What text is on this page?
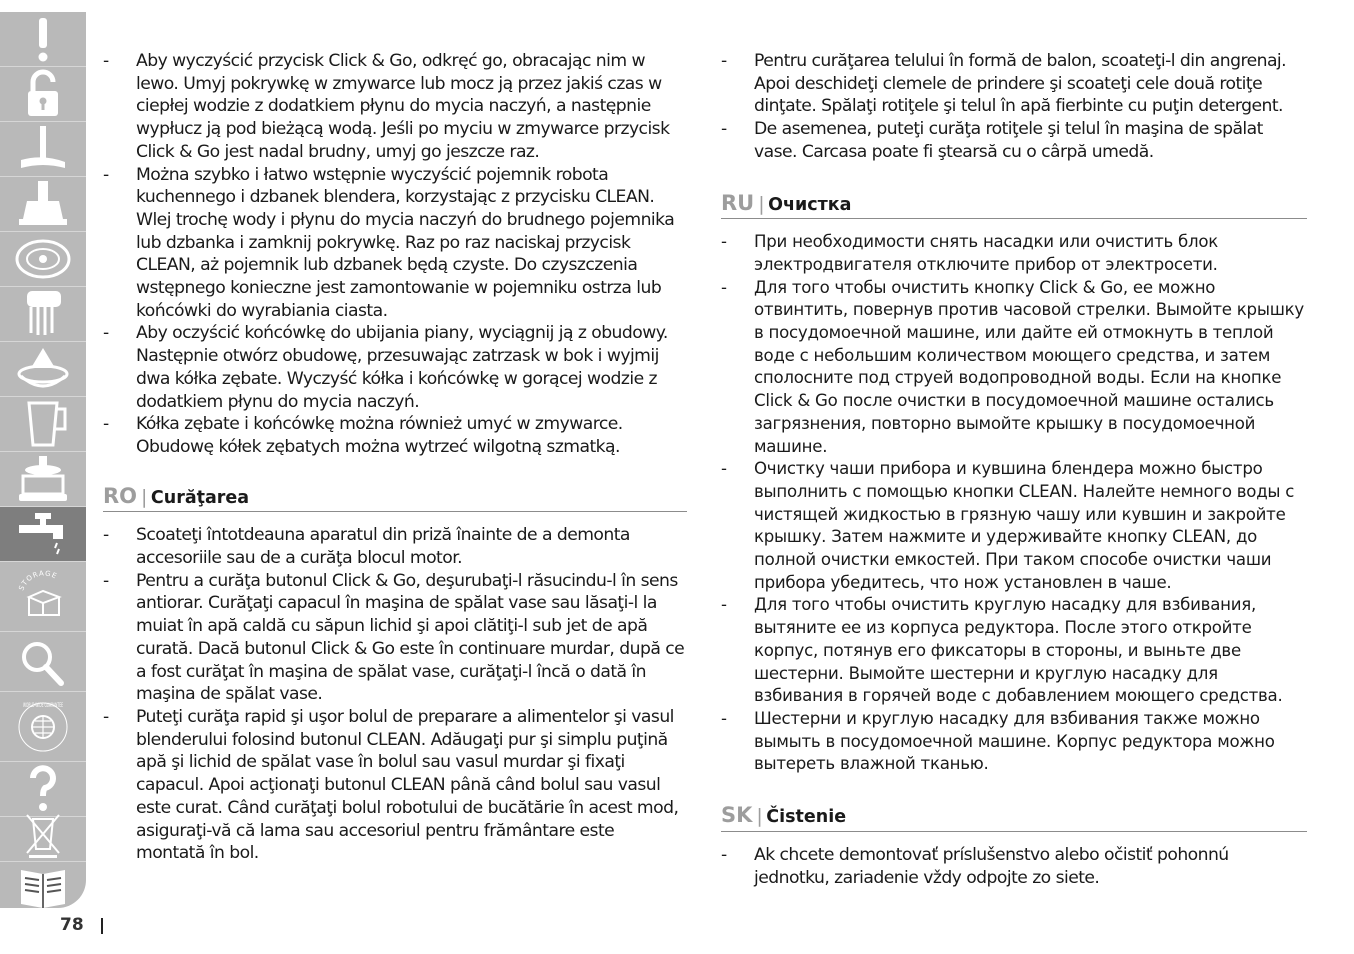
STORAGE
WORLD-WIDE GUARANTEE
78
- Aby wyczyścić przycisk Click & Go, odkręć go, obracając nim w lewo. Umyj pokrywkę w zmywarce lub mocz ją przez jakiś czas w ciepłej wodzie z dodatkiem płynu do mycia naczyń, a następnie wypłucz ją pod bieżącą wodą. Jeśli po myciu w zmywarce przycisk Click & Go jest nadal brudny, umyj go jeszcze raz.
- Można szybko i łatwo wstępnie wyczyścić pojemnik robota kuchennego i dzbanek blendera, korzystając z przycisku CLEAN. Wlej trochę wody i płynu do mycia naczyń do brudnego pojemnika lub dzbanka i zamknij pokrywkę. Raz po raz naciskaj przycisk CLEAN, aż pojemnik lub dzbanek będą czyste. Do czyszczenia wstępnego konieczne jest zamontowanie w pojemniku ostrza lub końcówki do wyrabiania ciasta.
- Aby oczyścić końcówkę do ubijania piany, wyciągnij ją z obudowy. Następnie otwórz obudowę, przesuwając zatrzask w bok i wyjmij dwa kółka zębate. Wyczyść kółka i końcówkę w gorącej wodzie z dodatkiem płynu do mycia naczyń.
- Kółka zębate i końcówkę można również umyć w zmywarce. Obudowę kółek zębatych można wytrzeć wilgotną szmatką.
RO | Curăţarea
- Scoateţi întotdeauna aparatul din priză înainte de a demonta accesoriile sau de a curăţa blocul motor.
- Pentru a curăţa butonul Click & Go, deşurubaţi-l răsucindu-l în sens antiorar. Curăţaţi capacul în maşina de spălat vase sau lăsaţi-l la muiat în apă caldă cu săpun lichid şi apoi clătiţi-l sub jet de apă curată. Dacă butonul Click & Go este în continuare murdar, după ce a fost curăţat în maşina de spălat vase, curăţaţi-l încă o dată în maşina de spălat vase.
- Puteţi curăţa rapid şi uşor bolul de preparare a alimentelor şi vasul blenderului folosind butonul CLEAN. Adăugaţi pur şi simplu puţină apă şi lichid de spălat vase în bolul sau vasul murdar şi fixaţi capacul. Apoi acţionaţi butonul CLEAN până când bolul sau vasul este curat. Când curăţaţi bolul robotului de bucătărie în acest mod, asiguraţi-vă că lama sau accesoriul pentru frământare este montată în bol.
- Pentru curăţarea telului în formă de balon, scoateţi-l din angrenaj. Apoi deschideţi clemele de prindere şi scoateţi cele două rotiţe dinţate. Spălaţi rotiţele şi telul în apă fierbinte cu puţin detergent.
- De asemenea, puteţi curăţa rotiţele şi telul în maşina de spălat vase. Carcasa poate fi ştearsă cu o cârpă umedă.
RU | Очистка
- При необходимости снять насадки или очистить блок электродвигателя отключите прибор от электросети.
- Для того чтобы очистить кнопку Click & Go, ее можно отвинтить, повернув против часовой стрелки. Вымойте крышку в посудомоечной машине, или дайте ей отмокнуть в теплой воде с небольшим количеством моющего средства, и затем сполосните под струей водопроводной воды. Если на кнопке Click & Go после очистки в посудомоечной машине остались загрязнения, повторно вымойте крышку в посудомоечной машине.
- Очистку чаши прибора и кувшина блендера можно быстро выполнить с помощью кнопки CLEAN. Налейте немного воды с чистящей жидкостью в грязную чашу или кувшин и закройте крышку. Затем нажмите и удерживайте кнопку CLEAN, до полной очистки емкостей. При таком способе очистки чаши прибора убедитесь, что нож установлен в чаше.
- Для того чтобы очистить круглую насадку для взбивания, вытяните ее из корпуса редуктора. После этого откройте корпус, потянув его фиксаторы в стороны, и выньте две шестерни. Вымойте шестерни и круглую насадку для взбивания в горячей воде с добавлением моющего средства.
- Шестерни и круглую насадку для взбивания также можно вымыть в посудомоечной машине. Корпус редуктора можно вытереть влажной тканью.
SK | Čistenie
- Ak chcete demontovať príslušenstvo alebo očistiť pohonnú jednotku, zariadenie vždy odpojte zo siete.
